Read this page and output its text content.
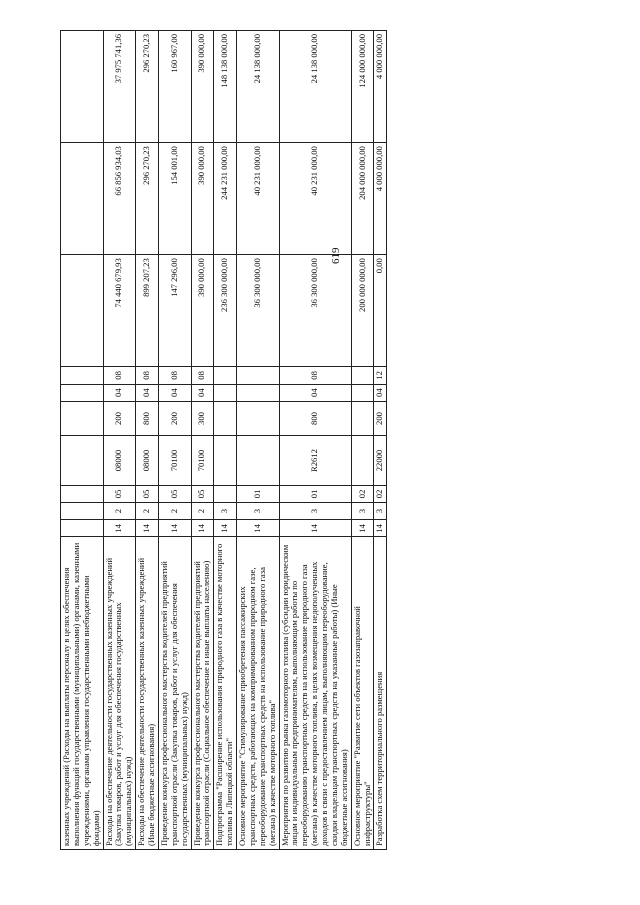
казенных учреждений (Расходы на выплаты персоналу в целях обеспечения выполнения функций государственными (муниципальными) органами, казенными учреждениями, органами управления государственными внебюджетными фондами)										
Расходы на обеспечение деятельности государственных казенных учреждений (Закупка товаров, работ и услуг для обеспечения государственных (муниципальных) нужд)	14	2	05	08000	200	04	08	74 440 679,93	66 856 934,03	37 975 741,36
Расходы на обеспечение деятельности государственных казенных учреждений (Иные бюджетные ассигнования)	14	2	05	08000	800	04	08	899 207,23	296 270,23	296 270,23
Проведение конкурса профессионального мастерства водителей предприятий транспортной отрасли (Закупка товаров, работ и услуг для обеспечения государственных (муниципальных) нужд)	14	2	05	70100	200	04	08	147 296,00	154 001,00	160 967,00
Проведение конкурса профессионального мастерства водителей предприятий транспортной отрасли (Социальное обеспечение и иные выплаты населению)	14	2	05	70100	300	04	08	390 000,00	390 000,00	390 000,00
Подпрограмма "Расширение использования природного газа в качестве моторного топлива в Липецкой области"	14	3						236 300 000,00	244 231 000,00	148 138 000,00
Основное мероприятие "Стимулирование приобретения пассажирских транспортных средств, работающих на компримированном природном газе, переоборудование транспортных средств на использование природного газа (метана) в качестве моторного топлива"	14	3	01					36 300 000,00	40 231 000,00	24 138 000,00
Мероприятия по развитию рынка газомоторного топлива (субсидии юридическим лицам и индивидуальным предпринимателям, выполняющим работы по переоборудованию транспортных средств на использование природного газа (метана) в качестве моторного топлива, в целях возмещения недополученных доходов в связи с предоставлением лицам, выполняющим переоборудование, скидки владельцам транспортных средств на указанные работы) (Иные бюджетные ассигнования)	14	3	01	R2612	800	04	08	36 300 000,00	40 231 000,00	24 138 000,00
Основное мероприятие "Развитие сети объектов газозаправочной инфраструктуры"	14	3	02					200 000 000,00	204 000 000,00	124 000 000,00
Разработка схем территориального размещения	14	3	02	22000	200	04	12	0,00	4 000 000,00	4 000 000,00
619
